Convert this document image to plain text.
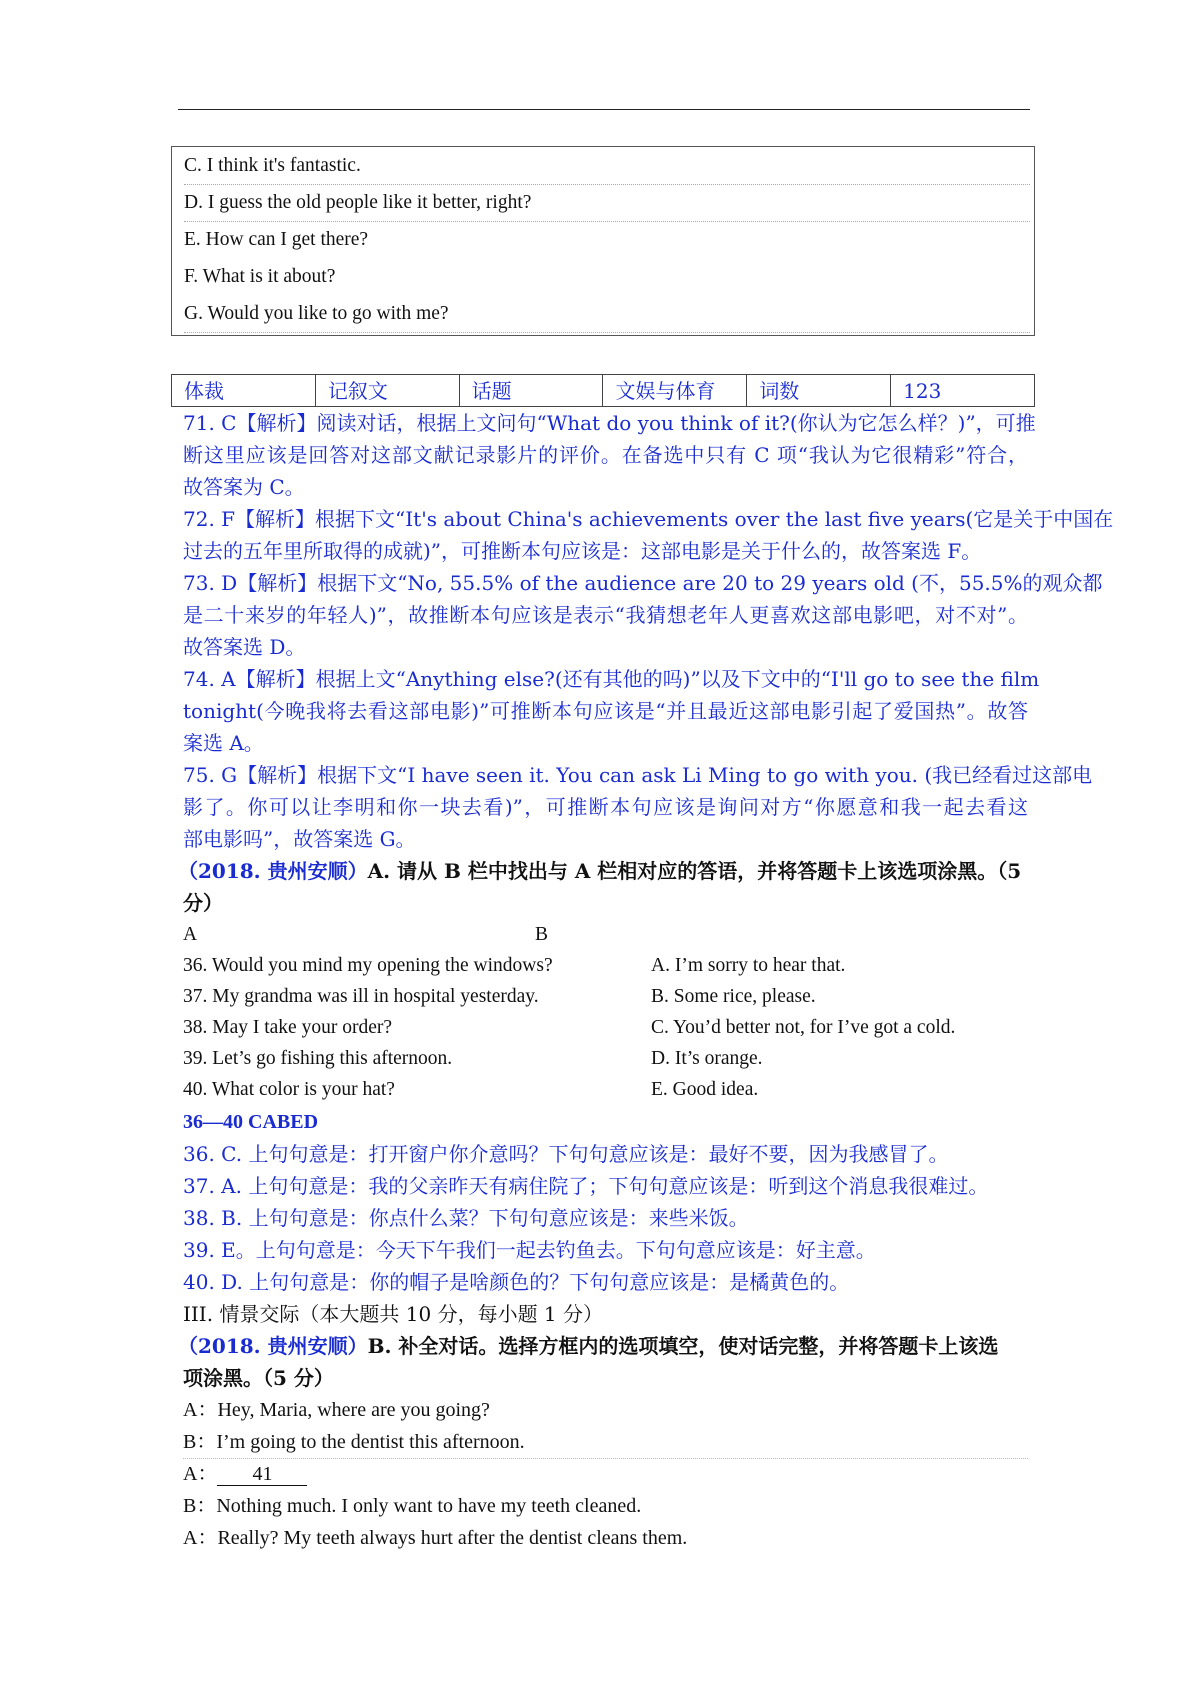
C. I think it's fantastic.
D. I guess the old people like it better, right?
E. How can I get there?
F. What is it about?
G. Would you like to go with me?
体裁	记叙文	话题	文娱与体育	词数	123
71. C【解析】阅读对话，根据上文问句“What do you think of it?(你认为它怎么样？)”，可推
断这里应该是回答对这部文献记录影片的评价。在备选中只有 C 项“我认为它很精彩”符合，
故答案为 C。
72. F【解析】根据下文“It's about China's achievements over the last five years(它是关于中国在
过去的五年里所取得的成就)”，可推断本句应该是：这部电影是关于什么的，故答案选 F。
73. D【解析】根据下文“No, 55.5% of the audience are 20 to 29 years old (不，55.5%的观众都
是二十来岁的年轻人)”，故推断本句应该是表示“我猜想老年人更喜欢这部电影吧，对不对”。
故答案选 D。
74. A【解析】根据上文“Anything else?(还有其他的吗)”以及下文中的“I'll go to see the film
tonight(今晚我将去看这部电影)”可推断本句应该是“并且最近这部电影引起了爱国热”。故答
案选 A。
75. G【解析】根据下文“I have seen it. You can ask Li Ming to go with you. (我已经看过这部电
影了。你可以让李明和你一块去看)”，可推断本句应该是询问对方“你愿意和我一起去看这
部电影吗”，故答案选 G。
（2018. 贵州安顺）A. 请从 B 栏中找出与 A 栏相对应的答语，并将答题卡上该选项涂黑。（5
分）
A	B
36. Would you mind my opening the windows?	A. I’m sorry to hear that.
37. My grandma was ill in hospital yesterday.	B. Some rice, please.
38. May I take your order?	C. You’d better not, for I’ve got a cold.
39. Let’s go fishing this afternoon.	D. It’s orange.
40. What color is your hat?	E. Good idea.
36—40 CABED
36. C. 上句句意是：打开窗户你介意吗？下句句意应该是：最好不要，因为我感冒了。
37. A. 上句句意是：我的父亲昨天有病住院了；下句句意应该是：听到这个消息我很难过。
38. B. 上句句意是：你点什么菜？下句句意应该是：来些米饭。
39. E。上句句意是：今天下午我们一起去钓鱼去。下句句意应该是：好主意。
40. D. 上句句意是：你的帽子是啥颜色的？下句句意应该是：是橘黄色的。
III. 情景交际（本大题共 10 分，每小题 1 分）
（2018. 贵州安顺）B. 补全对话。选择方框内的选项填空，使对话完整，并将答题卡上该选
项涂黑。（5 分）
A：Hey, Maria, where are you going?
B：I’m going to the dentist this afternoon.
A： 41
B：Nothing much. I only want to have my teeth cleaned.
A：Really? My teeth always hurt after the dentist cleans them.
